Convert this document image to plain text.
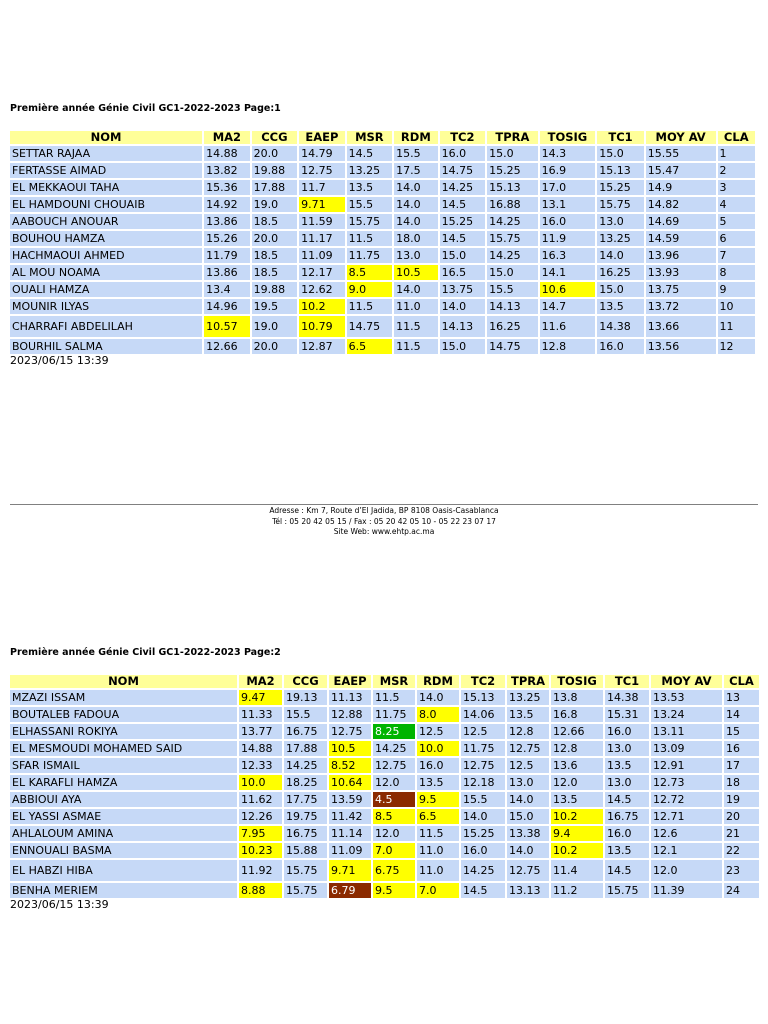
Première année Génie Civil GC1-2022-2023 Page:1
NOM	MA2	CCG	EAEP	MSR	RDM	TC2	TPRA	TOSIG	TC1	MOY AV	CLA
SETTAR RAJAA	14.88	20.0	14.79	14.5	15.5	16.0	15.0	14.3	15.0	15.55	1
FERTASSE AIMAD	13.82	19.88	12.75	13.25	17.5	14.75	15.25	16.9	15.13	15.47	2
EL MEKKAOUI TAHA	15.36	17.88	11.7	13.5	14.0	14.25	15.13	17.0	15.25	14.9	3
EL HAMDOUNI CHOUAIB	14.92	19.0	9.71	15.5	14.0	14.5	16.88	13.1	15.75	14.82	4
AABOUCH ANOUAR	13.86	18.5	11.59	15.75	14.0	15.25	14.25	16.0	13.0	14.69	5
BOUHOU HAMZA	15.26	20.0	11.17	11.5	18.0	14.5	15.75	11.9	13.25	14.59	6
HACHMAOUI AHMED	11.79	18.5	11.09	11.75	13.0	15.0	14.25	16.3	14.0	13.96	7
AL MOU NOAMA	13.86	18.5	12.17	8.5	10.5	16.5	15.0	14.1	16.25	13.93	8
OUALI HAMZA	13.4	19.88	12.62	9.0	14.0	13.75	15.5	10.6	15.0	13.75	9
MOUNIR ILYAS	14.96	19.5	10.2	11.5	11.0	14.0	14.13	14.7	13.5	13.72	10
CHARRAFI ABDELILAH	10.57	19.0	10.79	14.75	11.5	14.13	16.25	11.6	14.38	13.66	11
BOURHIL SALMA	12.66	20.0	12.87	6.5	11.5	15.0	14.75	12.8	16.0	13.56	12
2023/06/15 13:39
Adresse : Km 7, Route d’El Jadida, BP 8108 Oasis-Casablanca
Tél : 05 20 42 05 15 / Fax : 05 20 42 05 10 - 05 22 23 07 17
Site Web: www.ehtp.ac.ma
Première année Génie Civil GC1-2022-2023 Page:2
NOM	MA2	CCG	EAEP	MSR	RDM	TC2	TPRA	TOSIG	TC1	MOY AV	CLA
MZAZI ISSAM	9.47	19.13	11.13	11.5	14.0	15.13	13.25	13.8	14.38	13.53	13
BOUTALEB FADOUA	11.33	15.5	12.88	11.75	8.0	14.06	13.5	16.8	15.31	13.24	14
ELHASSANI ROKIYA	13.77	16.75	12.75	8.25	12.5	12.5	12.8	12.66	16.0	13.11	15
EL MESMOUDI MOHAMED SAID	14.88	17.88	10.5	14.25	10.0	11.75	12.75	12.8	13.0	13.09	16
SFAR ISMAIL	12.33	14.25	8.52	12.75	16.0	12.75	12.5	13.6	13.5	12.91	17
EL KARAFLI HAMZA	10.0	18.25	10.64	12.0	13.5	12.18	13.0	12.0	13.0	12.73	18
ABBIOUI AYA	11.62	17.75	13.59	4.5	9.5	15.5	14.0	13.5	14.5	12.72	19
EL YASSI ASMAE	12.26	19.75	11.42	8.5	6.5	14.0	15.0	10.2	16.75	12.71	20
AHLALOUM AMINA	7.95	16.75	11.14	12.0	11.5	15.25	13.38	9.4	16.0	12.6	21
ENNOUALI BASMA	10.23	15.88	11.09	7.0	11.0	16.0	14.0	10.2	13.5	12.1	22
EL HABZI HIBA	11.92	15.75	9.71	6.75	11.0	14.25	12.75	11.4	14.5	12.0	23
BENHA MERIEM	8.88	15.75	6.79	9.5	7.0	14.5	13.13	11.2	15.75	11.39	24
2023/06/15 13:39
